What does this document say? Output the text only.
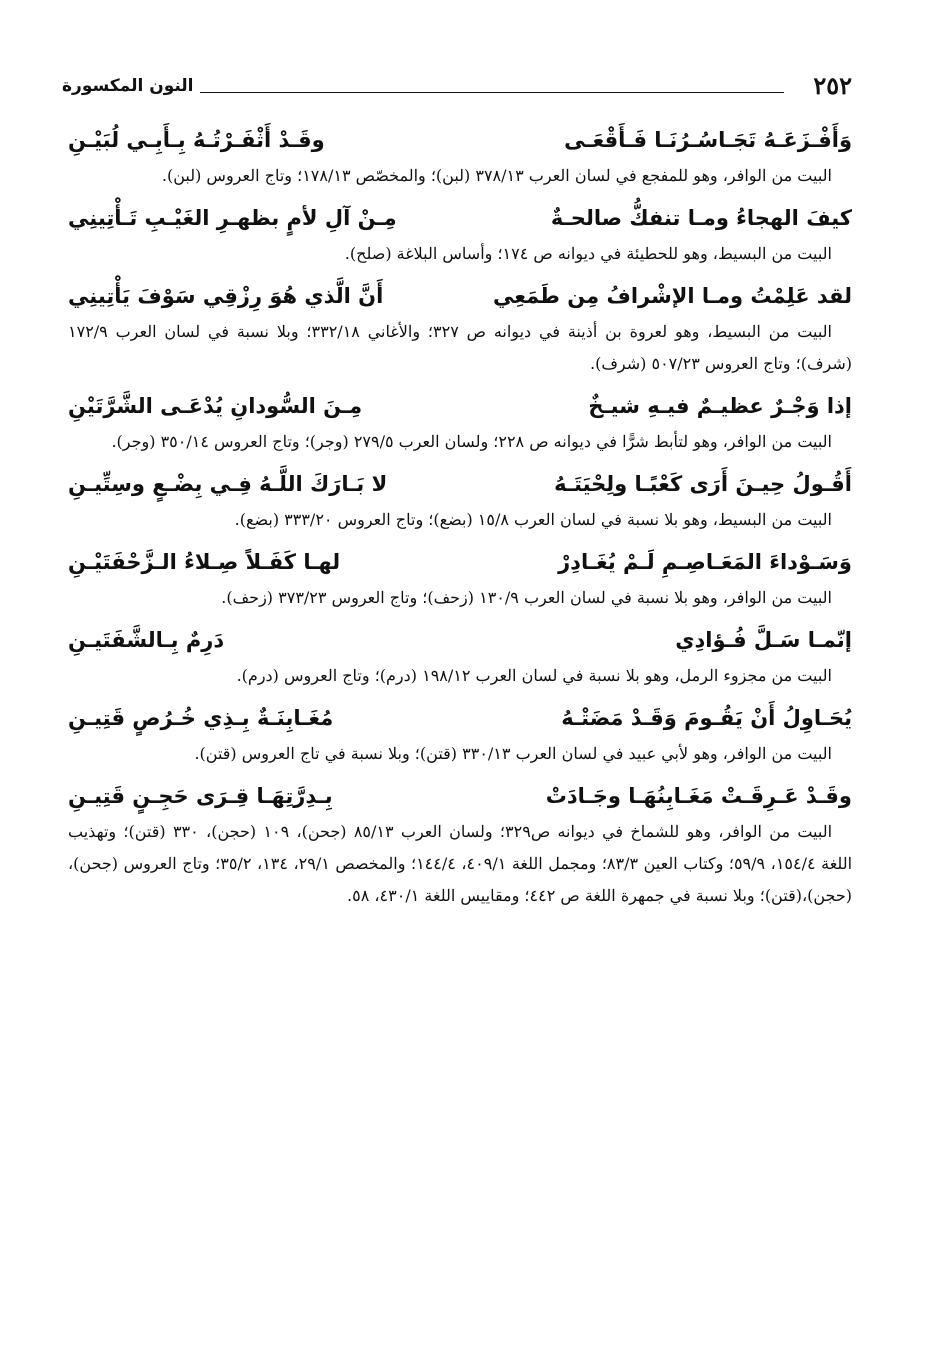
٢٥٢
النون المكسورة
وَأَفْـزَعَـهُ تَجَـاسُـرُنَـا فَـأَقْعَـى
وقَـدْ أَثْفَـرْتُـهُ بِـأَبِـي لُبَيْـنِ

البيت من الوافر، وهو للمفجع في لسان العرب ٣٧٨/١٣ (لبن)؛ والمخصّص ١٧٨/١٣؛ وتاج العروس (لبن).

كيفَ الهجاءُ ومـا تنفكُّ صالحـةٌ
مِـنْ آلِ لأمٍ بظهـرِ الغَيْـبِ تَـأْتِينِي

البيت من البسيط، وهو للحطيئة في ديوانه ص ١٧٤؛ وأساس البلاغة (صلح).

لقد عَلِمْتُ ومـا الإشْرافُ مِن طَمَعِي
أَنَّ الَّذي هُوَ رِزْقِي سَوْفَ يَأْتِينِي

البيت من البسيط، وهو لعروة بن أذينة في ديوانه ص ٣٢٧؛ والأغاني ٣٣٢/١٨؛ وبلا نسبة في لسان العرب ١٧٢/٩ (شرف)؛ وتاج العروس ٥٠٧/٢٣ (شرف).

إذا وَجْـرٌ عظيـمٌ فيـهِ شيـخٌ
مِـنَ السُّودانِ يُدْعَـى الشَّرَّتَيْنِ

البيت من الوافر، وهو لتأبط شرًّا في ديوانه ص ٢٢٨؛ ولسان العرب ٢٧٩/٥ (وجر)؛ وتاج العروس ٣٥٠/١٤ (وجر).

أَقُـولُ حِيـنَ أَرَى كَعْبًـا ولِحْيَتَـهُ
لا بَـارَكَ اللَّـهُ فِـي بِضْـعٍ وسِتِّيـنِ

البيت من البسيط، وهو بلا نسبة في لسان العرب ١٥/٨ (بضع)؛ وتاج العروس ٣٣٣/٢٠ (بضع).

وَسَـوْداءَ المَعَـاصِـمِ لَـمْ يُغَـادِرْ
لهـا كَفَـلاً صِـلاءُ الـزَّحْفَتَيْـنِ

البيت من الوافر، وهو بلا نسبة في لسان العرب ١٣٠/٩ (زحف)؛ وتاج العروس ٣٧٣/٢٣ (زحف).

إنّمـا سَـلَّ فُـؤادِي
دَرِمٌ بِـالشَّفَتَيـنِ

البيت من مجزوء الرمل، وهو بلا نسبة في لسان العرب ١٩٨/١٢ (درم)؛ وتاج العروس (درم).

يُحَـاوِلُ أَنْ يَقُـومَ وَقَـدْ مَضَتْـهُ
مُغَـابِنَـةٌ بِـذِي خُـرُصٍ قَتِيـنِ

البيت من الوافر، وهو لأبي عبيد في لسان العرب ٣٣٠/١٣ (قتن)؛ وبلا نسبة في تاج العروس (قتن).

وقَـدْ عَـرِقَـتْ مَغَـابِنُهَـا وجَـادَتْ
بِـدِرَّتِهَـا قِـرَى حَجِـنٍ قَتِيـنِ

البيت من الوافر، وهو للشماخ في ديوانه ص٣٢٩؛ ولسان العرب ٨٥/١٣ (جحن)، ١٠٩ (حجن)، ٣٣٠ (قتن)؛ وتهذيب اللغة ١٥٤/٤، ٥٩/٩؛ وكتاب العين ٨٣/٣؛ ومجمل اللغة ٤٠٩/١، ١٤٤/٤؛ والمخصص ٢٩/١، ١٣٤، ٣٥/٢؛ وتاج العروس (جحن)،(حجن)،(قتن)؛ وبلا نسبة في جمهرة اللغة ص ٤٤٢؛ ومقاييس اللغة ٤٣٠/١، ٥٨.
